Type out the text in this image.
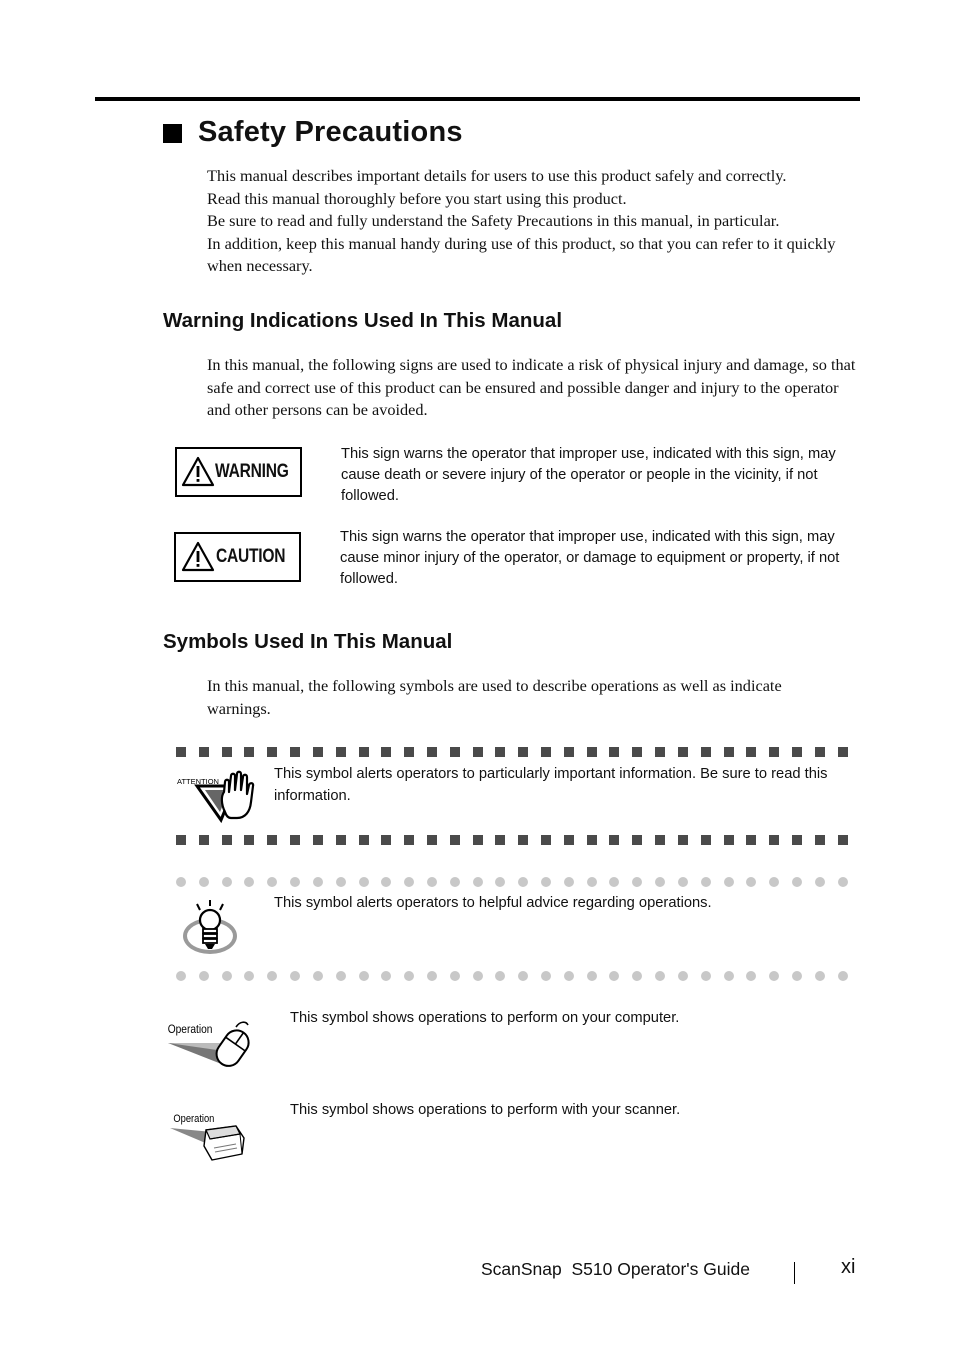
Safety Precautions

This manual describes important details for users to use this product safely and correctly.

Read this manual thoroughly before you start using this product.

Be sure to read and fully understand the Safety Precautions in this manual, in particular.

In addition, keep this manual handy during use of this product, so that you can refer to it quickly when necessary.

Warning Indications Used In This Manual

In this manual, the following signs are used to indicate a risk of physical injury and damage, so that safe and correct use of this product can be ensured and possible danger and injury to the operator and other persons can be avoided.

WARNING
This sign warns the operator that improper use, indicated with this sign, may cause death or severe injury of the operator or people in the vicinity, if not followed.
CAUTION
This sign warns the operator that improper use, indicated with this sign, may cause minor injury of the operator, or damage to equipment or property, if not followed.
Symbols Used In This Manual

In this manual, the following symbols are used to describe operations as well as indicate warnings.

ATTENTION	This symbol alerts operators to particularly important information. Be sure to read this information.
This symbol alerts operators to helpful advice regarding operations.
Operation
This symbol shows operations to perform on your computer.
Operation
This symbol shows operations to perform with your scanner.
ScanSnap  S510 Operator's Guide	xi
